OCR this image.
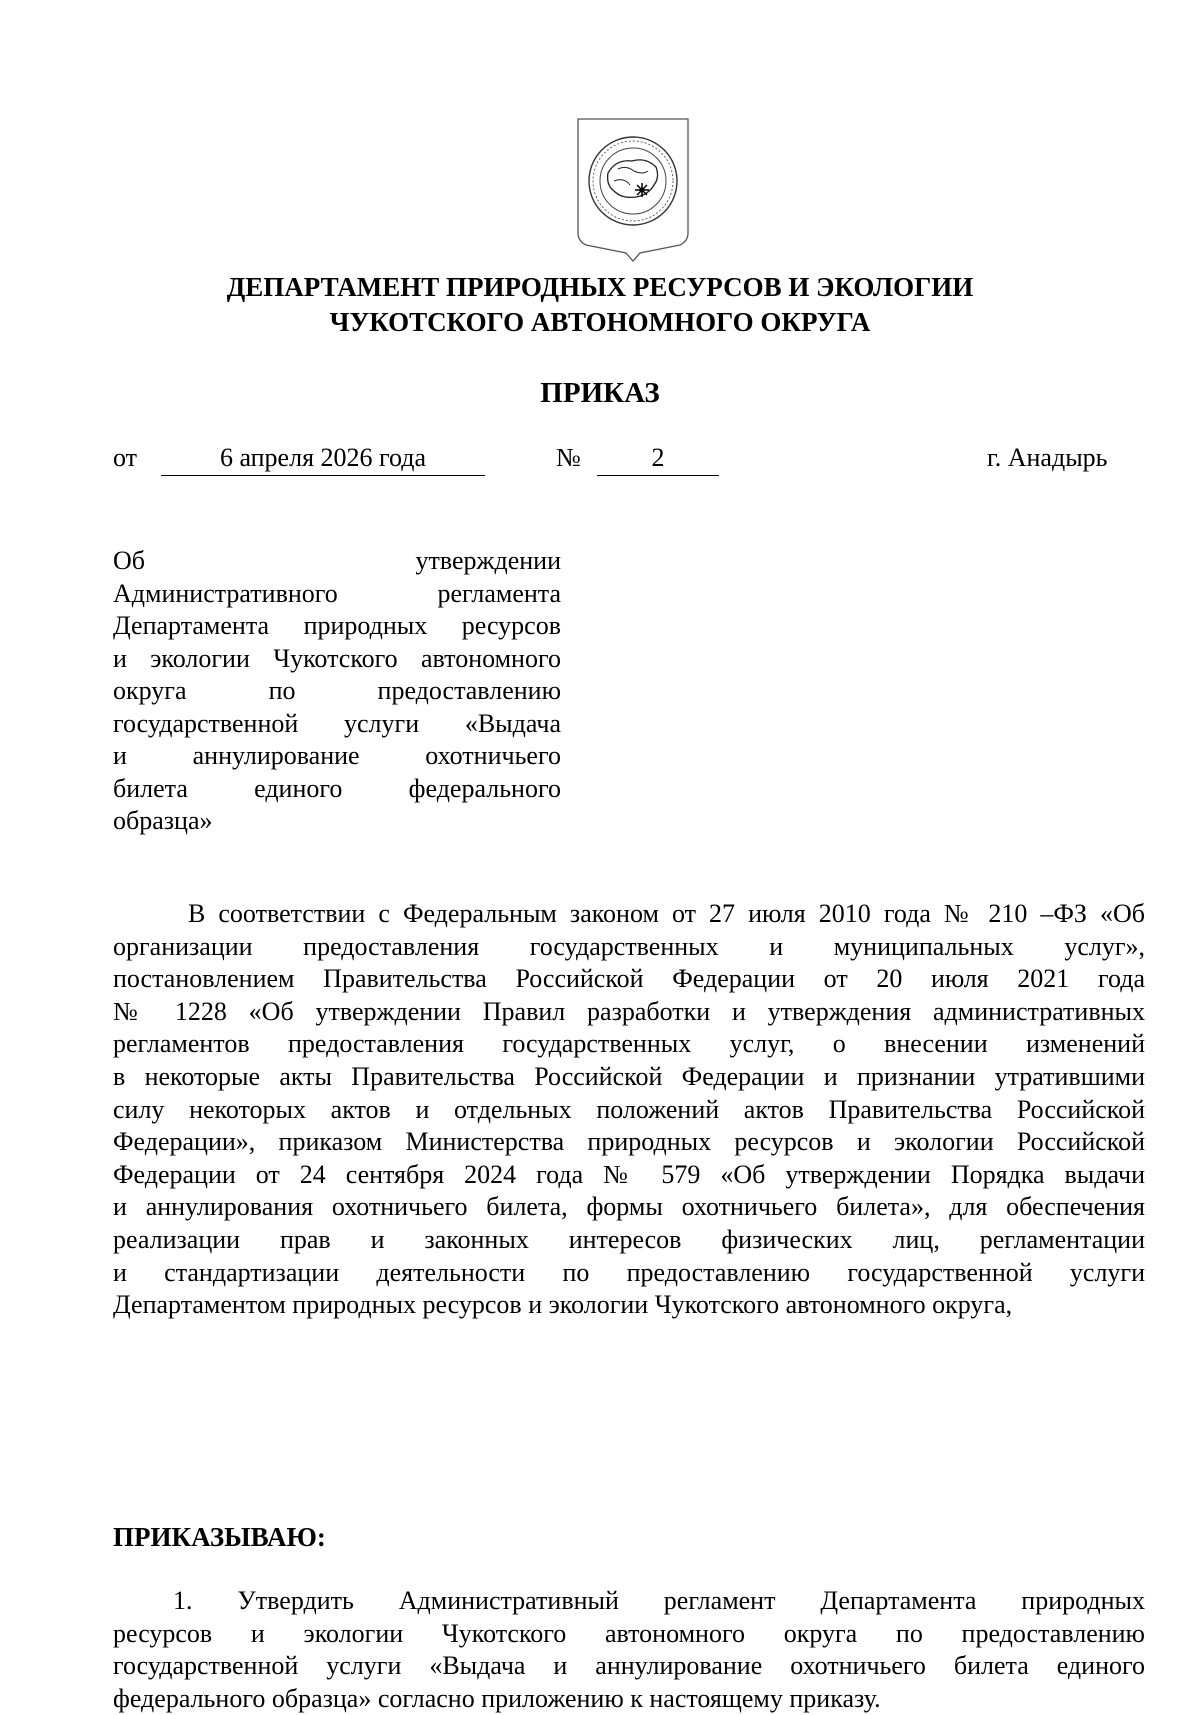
ДЕПАРТАМЕНТ ПРИРОДНЫХ РЕСУРСОВ И ЭКОЛОГИИ
ЧУКОТСКОГО АВТОНОМНОГО ОКРУГА
ПРИКАЗ
от	6 апреля 2026 года	№	2	г. Анадырь
Об утверждении
Административного регламента
Департамента природных ресурсов
и экологии Чукотского автономного
округа по предоставлению
государственной услуги «Выдача
и аннулирование охотничьего
билета единого федерального
образца»
В соответствии с Федеральным законом от 27 июля 2010 года № 210 –ФЗ «Об
организации предоставления государственных и муниципальных услуг»,
постановлением Правительства Российской Федерации от 20 июля 2021 года
№ 1228 «Об утверждении Правил разработки и утверждения административных
регламентов предоставления государственных услуг, о внесении изменений
в некоторые акты Правительства Российской Федерации и признании утратившими
силу некоторых актов и отдельных положений актов Правительства Российской
Федерации», приказом Министерства природных ресурсов и экологии Российской
Федерации от 24 сентября 2024 года № 579 «Об утверждении Порядка выдачи
и аннулирования охотничьего билета, формы охотничьего билета», для обеспечения
реализации прав и законных интересов физических лиц, регламентации
и стандартизации деятельности по предоставлению государственной услуги
Департаментом природных ресурсов и экологии Чукотского автономного округа,
ПРИКАЗЫВАЮ:
1. Утвердить Административный регламент Департамента природных
ресурсов и экологии Чукотского автономного округа по предоставлению
государственной услуги «Выдача и аннулирование охотничьего билета единого
федерального образца» согласно приложению к настоящему приказу.
